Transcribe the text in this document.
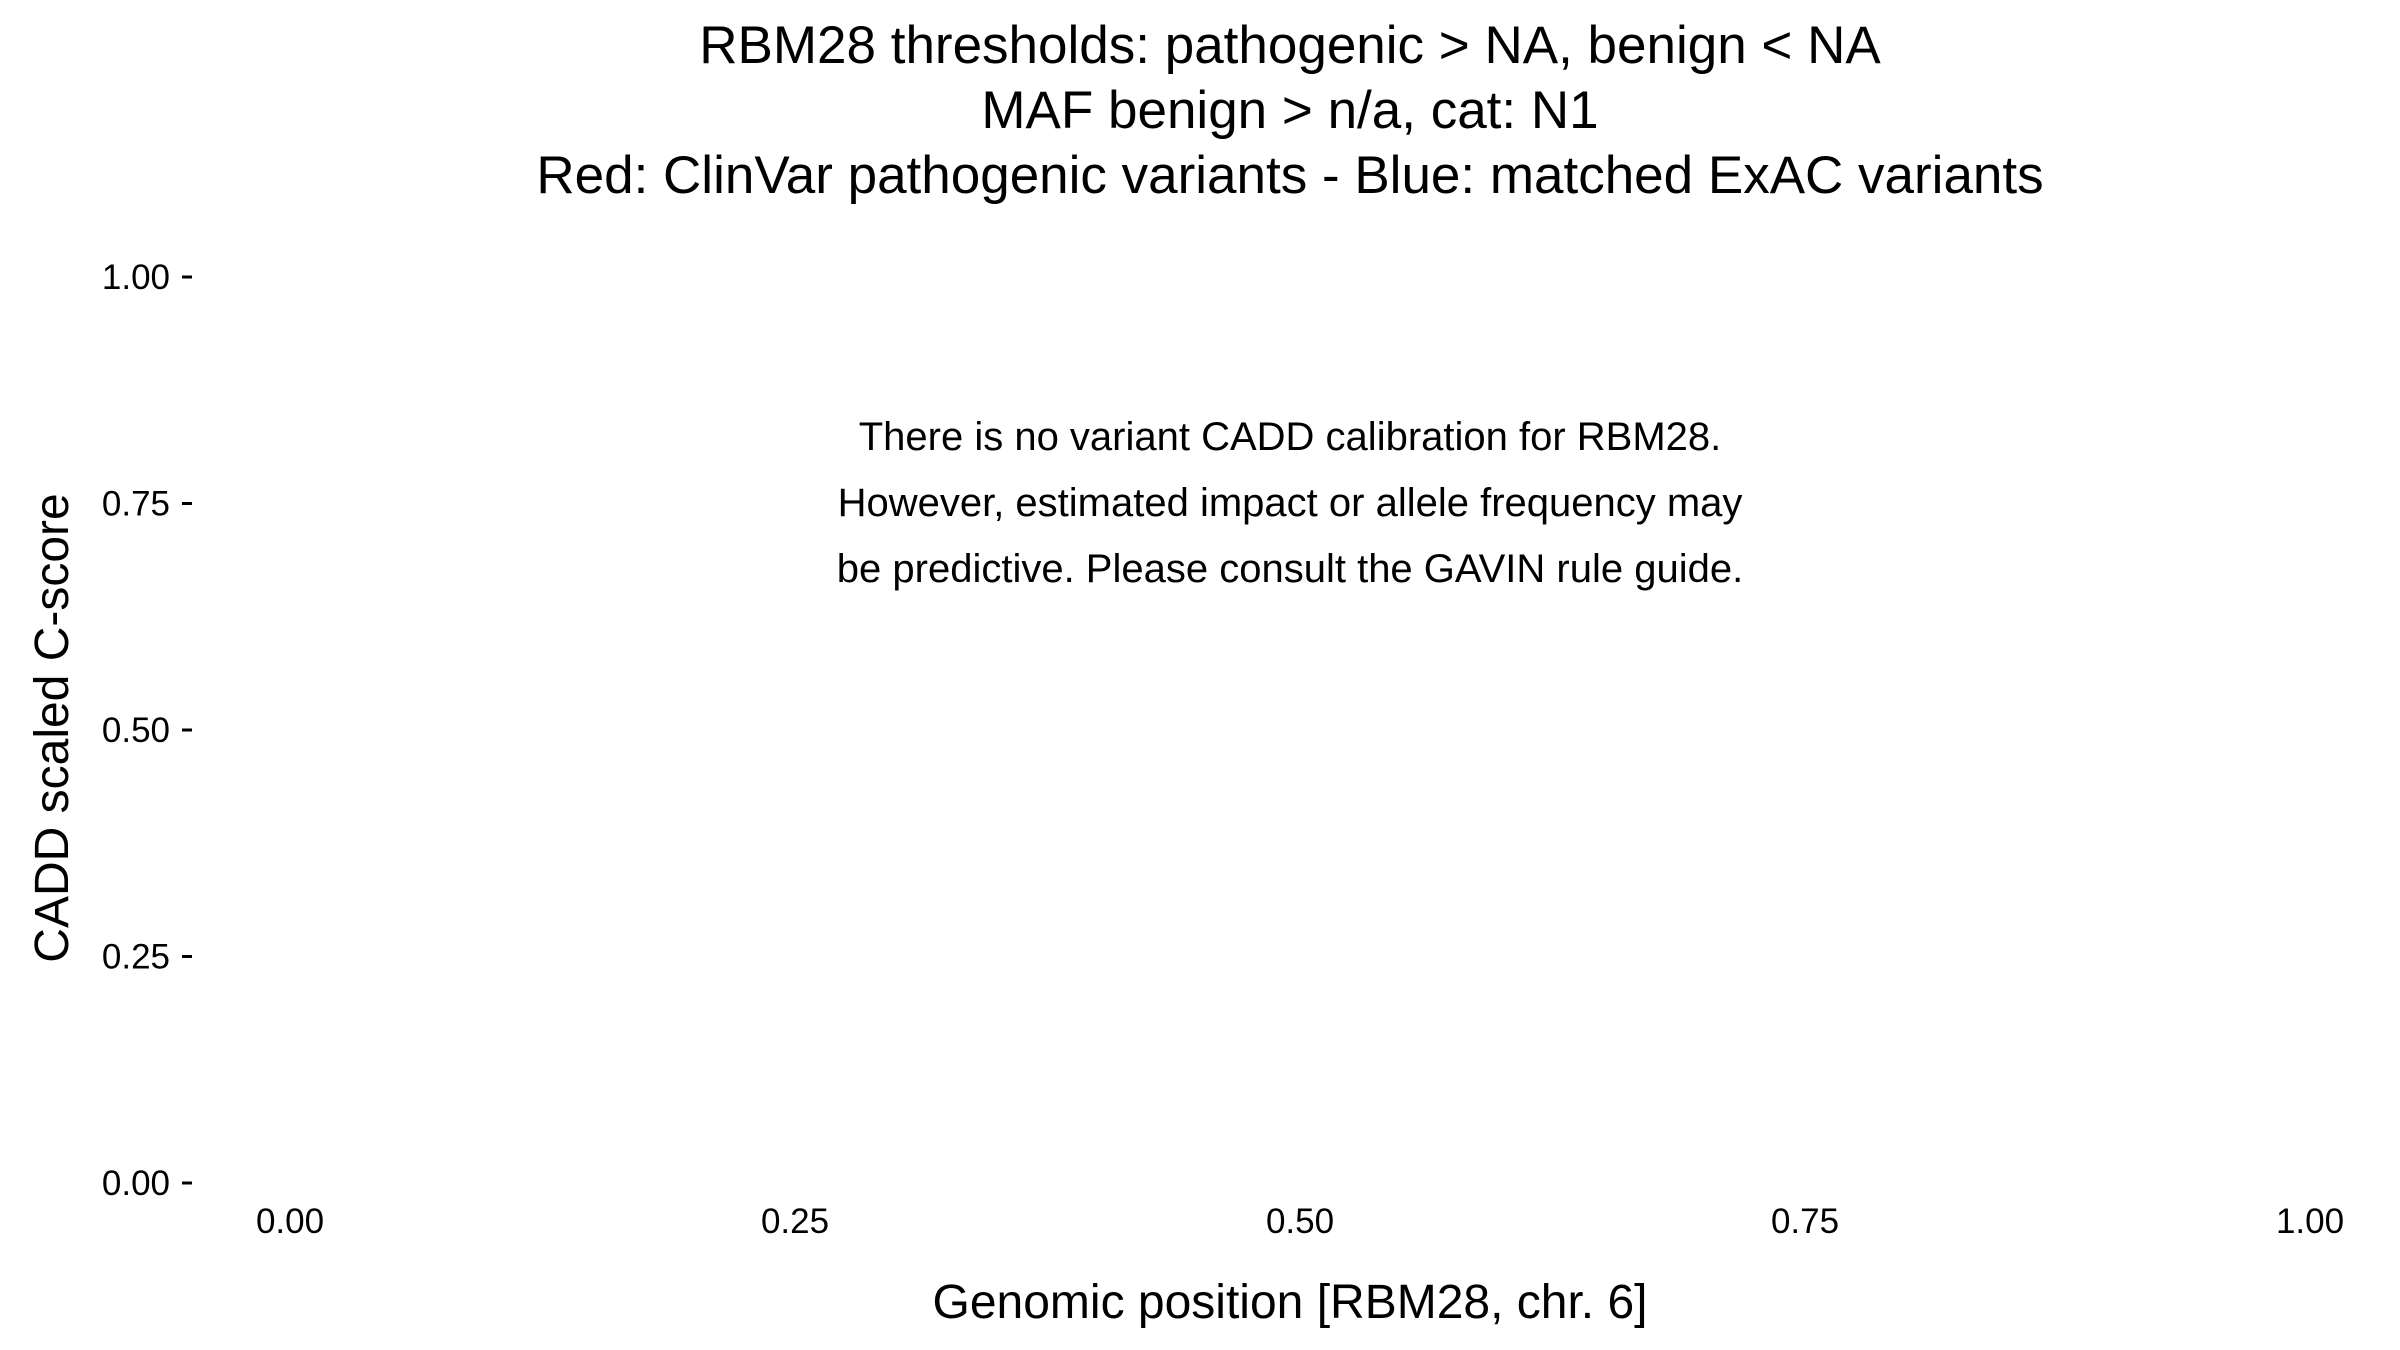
RBM28 thresholds: pathogenic > NA, benign < NA
MAF benign > n/a, cat: N1
Red: ClinVar pathogenic variants - Blue: matched ExAC variants
0.00
0.25
0.50
0.75
1.00
0.00	0.25	0.50	0.75	1.00
There is no variant CADD calibration for RBM28.
However, estimated impact or allele frequency may
be predictive. Please consult the GAVIN rule guide.
Genomic position [RBM28, chr. 6]
CADD scaled C-score
